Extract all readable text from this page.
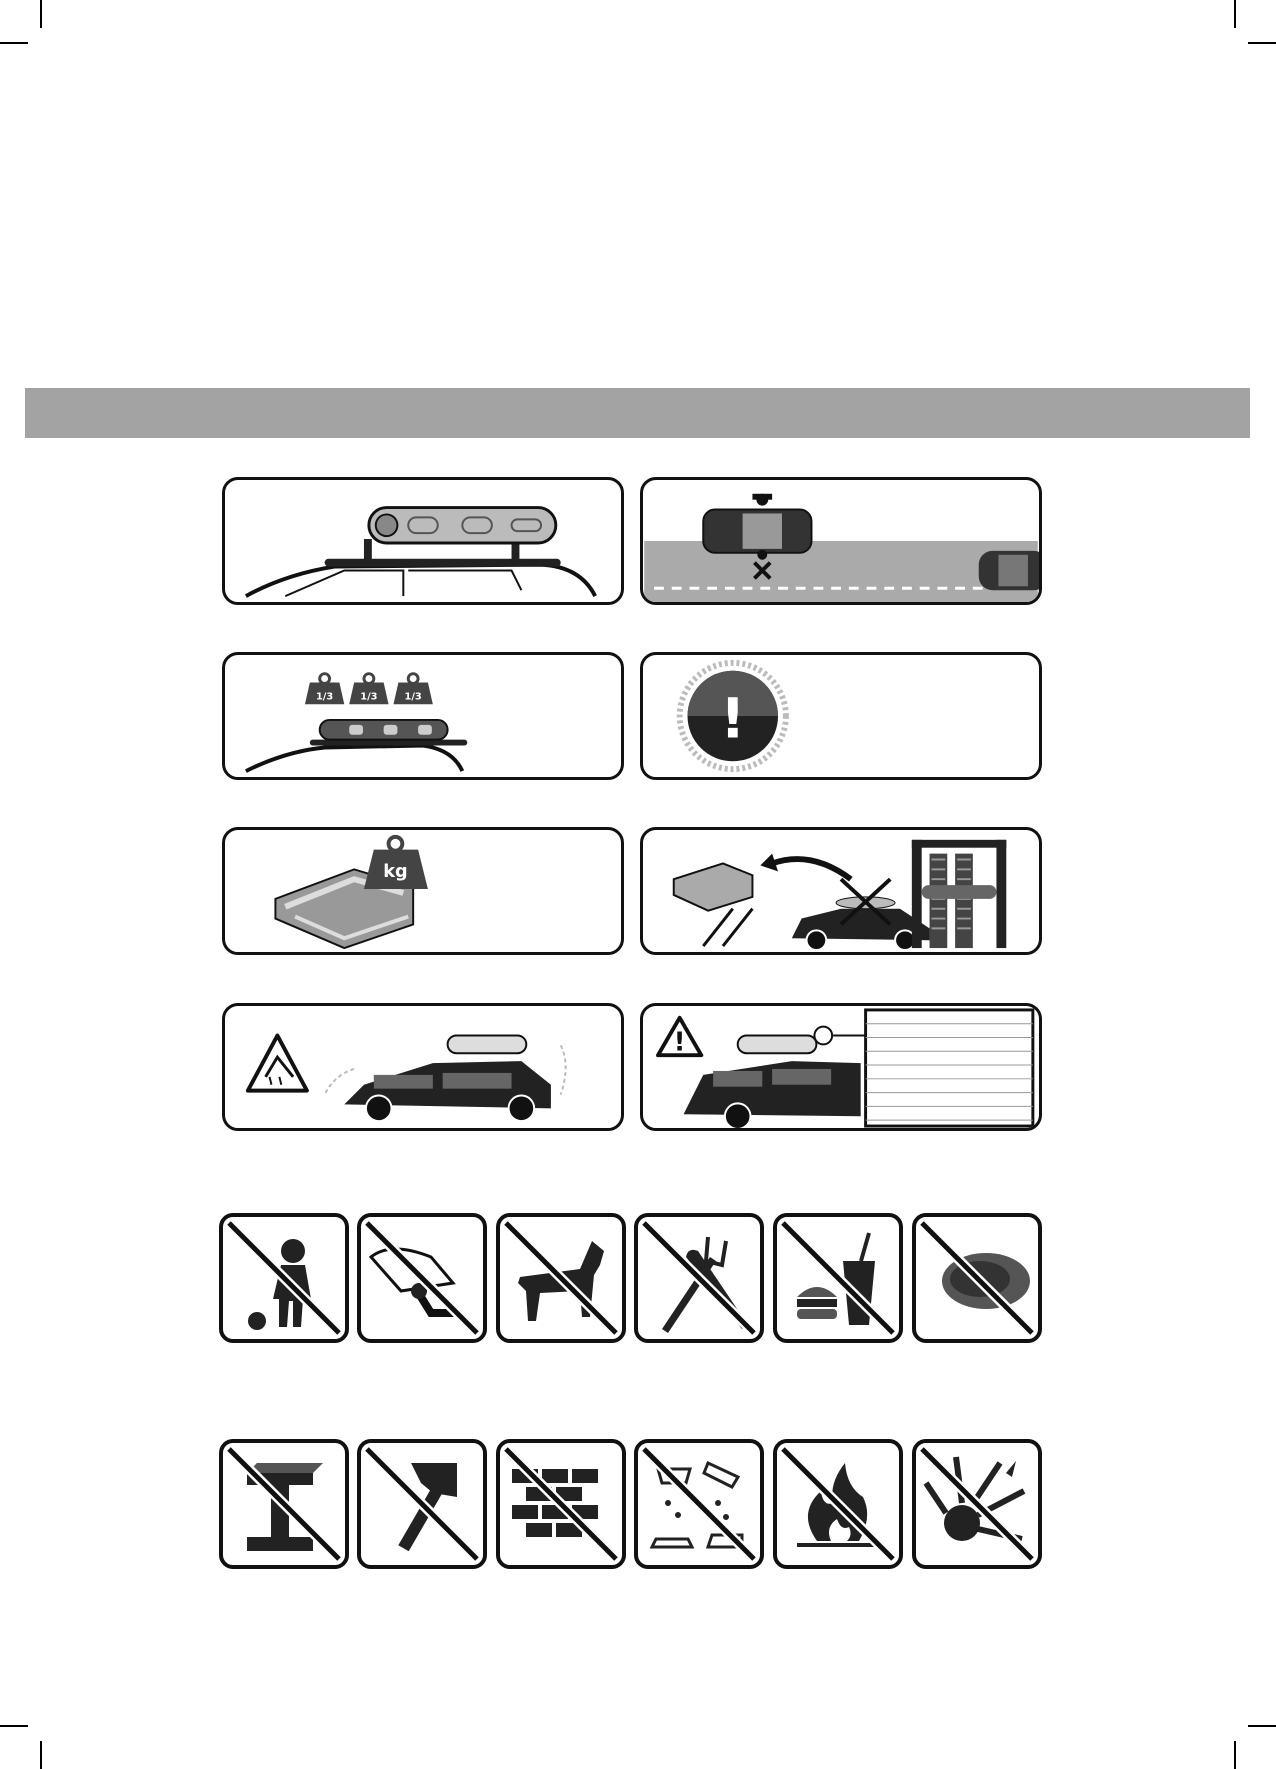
1/3	1/3	1/3	!
kg
!
!
